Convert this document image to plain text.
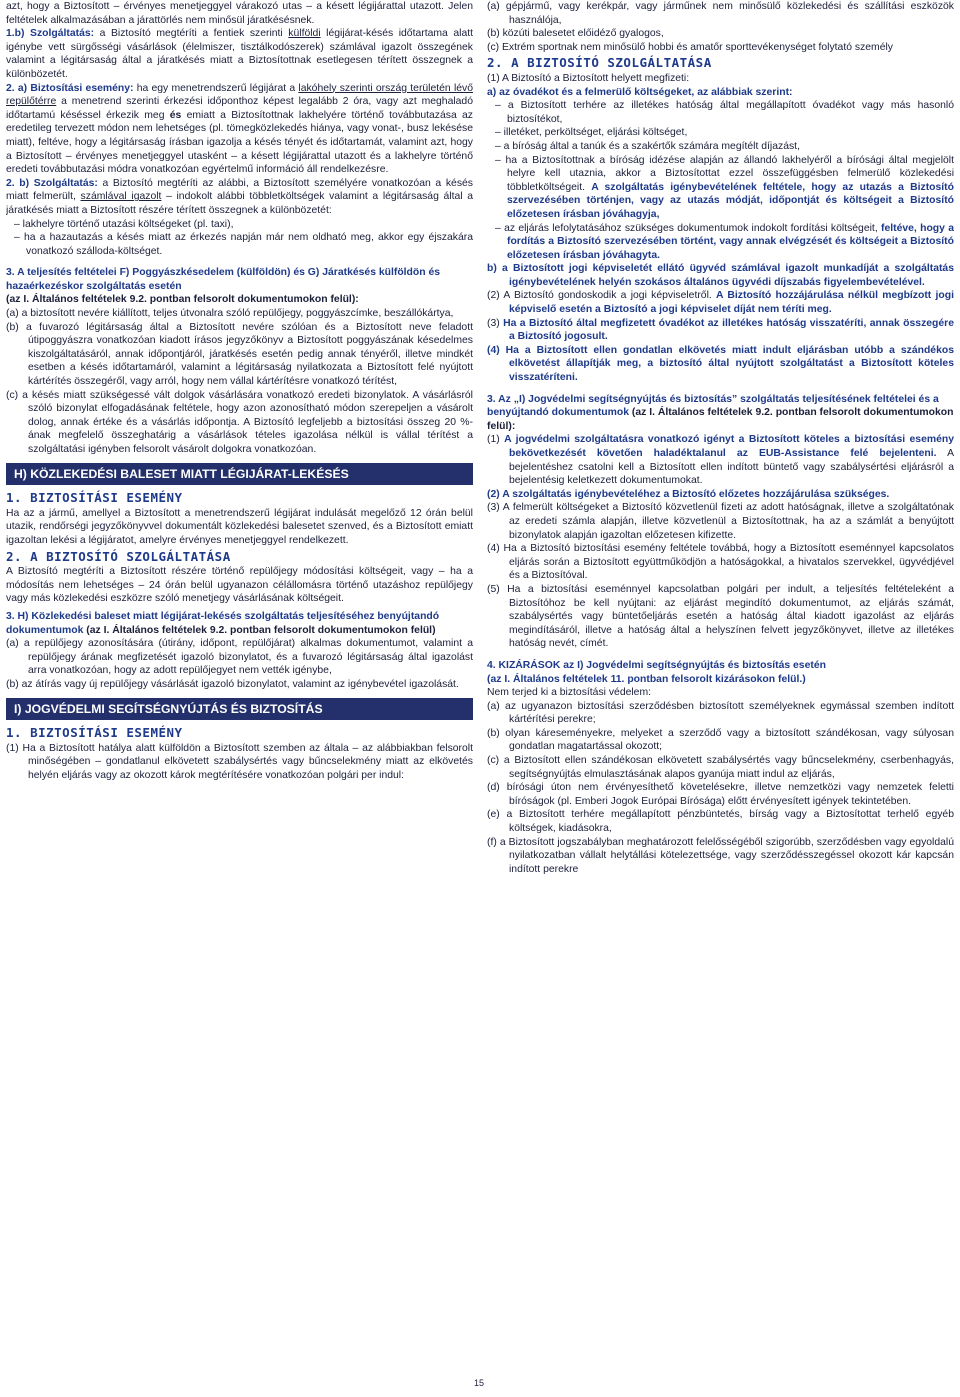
azt, hogy a Biztosított – érvényes menetjeggyel várakozó utas – a késett légijárattal utazott. Jelen feltételek alkalmazásában a járattörlés nem minősül járatkésésnek.

1.b) Szolgáltatás: a Biztosító megtéríti a fentiek szerinti külföldi légijárat-késés időtartama alatt igénybe vett sürgősségi vásárlások (élelmiszer, tisztálkodószerek) számlával igazolt összegének valamint a légitársaság által a járatkésés miatt a Biztosítottnak esetlegesen térített összegnek a különbözetét.

2. a) Biztosítási esemény: ha egy menetrendszerű légijárat a lakóhely szerinti ország területén lévő repülőtérre a menetrend szerinti érkezési időponthoz képest legalább 2 óra, vagy azt meghaladó időtartamú késéssel érkezik meg és emiatt a Biztosítottnak lakhelyére történő továbbutazása az eredetileg tervezett módon nem lehetséges (pl. tömegközlekedés hiánya, vagy vonat-, busz lekésése miatt), feltéve, hogy a légitársaság írásban igazolja a késés tényét és időtartamát, valamint azt, hogy a Biztosított – érvényes menetjeggyel utasként – a késett légijárattal utazott és a lakhelyre történő eredeti továbbutazási módra vonatkozóan egyértelmű információ áll rendelkezésre.

2. b) Szolgáltatás: a Biztosító megtéríti az alábbi, a Biztosított személyére vonatkozóan a késés miatt felmerült, számlával igazolt – indokolt alábbi többletköltségek valamint a légitársaság által a járatkésés miatt a Biztosított részére térített összegnek a különbözetét:

– lakhelyre történő utazási költségeket (pl. taxi),

– ha a hazautazás a késés miatt az érkezés napján már nem oldható meg, akkor egy éjszakára vonatkozó szálloda-költséget.

3. A teljesítés feltételei F) Poggyászkésedelem (külföldön) és G) Járatkésés külföldön és hazaérkezéskor szolgáltatás esetén

(az I. Általános feltételek 9.2. pontban felsorolt dokumentumokon felül):

(a) a biztosított nevére kiállított, teljes útvonalra szóló repülőjegy, poggyászcímke, beszállókártya,

(b) a fuvarozó légitársaság által a Biztosított nevére szólóan és a Biztosított neve feladott útipoggyászra vonatkozóan kiadott írásos jegyzőkönyv a Biztosított poggyászának késedelmes kiszolgáltatásáról, annak időpontjáról, járatkésés esetén pedig annak tényéről, illetve mindkét esetben a késés időtartamáról, valamint a légitársaság nyilatkozata a Biztosított felé nyújtott kártérítés összegéről, vagy arról, hogy nem vállal kártérítésre vonatkozó térítést,

(c) a késés miatt szükségessé vált dolgok vásárlására vonatkozó eredeti bizonylatok. A vásárlásról szóló bizonylat elfogadásának feltétele, hogy azon azonosítható módon szerepeljen a vásárolt dolog, annak értéke és a vásárlás időpontja. A Biztosító legfeljebb a biztosítási összeg 20 %-ának megfelelő összeghatárig a vásárlások tételes igazolása nélkül is vállal térítést a szolgáltatási igényben felsorolt vásárolt dolgokra vonatkozóan.

H) KÖZLEKEDÉSI BALESET MIATT LÉGIJÁRAT-LEKÉSÉS
1. BIZTOSÍTÁSI ESEMÉNY

Ha az a jármű, amellyel a Biztosított a menetrendszerű légijárat indulását megelőző 12 órán belül utazik, rendőrségi jegyzőkönyvvel dokumentált közlekedési balesetet szenved, és a Biztosított emiatt igazoltan lekési a légijáratot, amelyre érvényes menetjeggyel rendelkezett.

2. A BIZTOSÍTÓ SZOLGÁLTATÁSA

A Biztosító megtéríti a Biztosított részére történő repülőjegy módosítási költségeit, vagy – ha a módosítás nem lehetséges – 24 órán belül ugyanazon célállomásra történő utazáshoz repülőjegy vagy más közlekedési eszközre szóló menetjegy vásárlásának költségeit.

3. H) Közlekedési baleset miatt légijárat-lekésés szolgáltatás teljesítéséhez benyújtandó dokumentumok (az I. Általános feltételek 9.2. pontban felsorolt dokumentumokon felül)

(a) a repülőjegy azonosítására (útirány, időpont, repülőjárat) alkalmas dokumentumot, valamint a repülőjegy árának megfizetését igazoló bizonylatot, és a fuvarozó légitársaság által igazolást arra vonatkozóan, hogy az adott repülőjegyet nem vették igénybe,

(b) az átírás vagy új repülőjegy vásárlását igazoló bizonylatot, valamint az igénybevétel igazolását.

I) JOGVÉDELMI SEGÍTSÉGNYÚJTÁS ÉS BIZTOSÍTÁS
1. BIZTOSÍTÁSI ESEMÉNY

(1) Ha a Biztosított hatálya alatt külföldön a Biztosított szemben az általa – az alábbiakban felsorolt minőségében – gondatlanul elkövetett szabálysértés vagy bűncselekmény miatt az elkövetés helyén eljárás vagy az okozott károk megtérítésére vonatkozóan polgári per indul:

(a) gépjármű, vagy kerékpár, vagy járműnek nem minősülő közlekedési és szállítási eszközök használója,

(b) közúti balesetet előidéző gyalogos,

(c) Extrém sportnak nem minősülő hobbi és amatőr sporttevékenységet folytató személy

2. A BIZTOSÍTÓ SZOLGÁLTATÁSA

(1) A Biztosító a Biztosított helyett megfizeti:

a) az óvadékot és a felmerülő költségeket, az alábbiak szerint:

– a Biztosított terhére az illetékes hatóság által megállapított óvadékot vagy más hasonló biztosítékot,

– illetéket, perköltséget, eljárási költséget,

– a bíróság által a tanúk és a szakértők számára megítélt díjazást,

– ha a Biztosítottnak a bíróság idézése alapján az állandó lakhelyéről a bírósági által megjelölt helyre kell utaznia, akkor a Biztosítottat ezzel összefüggésben felmerülő közlekedési többletköltségeit. A szolgáltatás igénybevételének feltétele, hogy az utazás a Biztosító szervezésében történjen, vagy az utazás módját, időpontját és költségeit a Biztosító előzetesen írásban jóváhagyja,

– az eljárás lefolytatásához szükséges dokumentumok indokolt fordítási költségeit, feltéve, hogy a fordítás a Biztosító szervezésében történt, vagy annak elvégzését és költségeit a Biztosító előzetesen írásban jóváhagyta.

b) a Biztosított jogi képviseletét ellátó ügyvéd számlával igazolt munkadíját a szolgáltatás igénybevételének helyén szokásos általános ügyvédi díjszabás figyelembevételével.

(2) A Biztosító gondoskodik a jogi képviseletről. A Biztosító hozzájárulása nélkül megbízott jogi képviselő esetén a Biztosító a jogi képviselet díját nem téríti meg.

(3) Ha a Biztosító által megfizetett óvadékot az illetékes hatóság visszatéríti, annak összegére a Biztosító jogosult.

(4) Ha a Biztosított ellen gondatlan elkövetés miatt indult eljárásban utóbb a szándékos elkövetést állapítják meg, a biztosító által nyújtott szolgáltatást a Biztosított köteles visszatéríteni.

3. Az „I) Jogvédelmi segítségnyújtás és biztosítás” szolgáltatás teljesítésének feltételei és a benyújtandó dokumentumok (az I. Általános feltételek 9.2. pontban felsorolt dokumentumokon felül):

(1) A jogvédelmi szolgáltatásra vonatkozó igényt a Biztosított köteles a biztosítási esemény bekövetkezését követően haladéktalanul az EUB-Assistance felé bejelenteni. A bejelentéshez csatolni kell a Biztosított ellen indított büntető vagy szabálysértési eljárásról a bejelentésig keletkezett dokumentumokat.

(2) A szolgáltatás igénybevételéhez a Biztosító előzetes hozzájárulása szükséges.

(3) A felmerült költségeket a Biztosító közvetlenül fizeti az adott hatóságnak, illetve a szolgáltatónak az eredeti számla alapján, illetve közvetlenül a Biztosítottnak, ha az a számlát a benyújtott bizonylatok alapján igazoltan előzetesen kifizette.

(4) Ha a Biztosító biztosítási esemény feltétele továbbá, hogy a Biztosított eseménnyel kapcsolatos eljárás során a Biztosított együttműködjön a hatóságokkal, a hivatalos szervekkel, ügyvédjével és a Biztosítóval.

(5) Ha a biztosítási eseménnyel kapcsolatban polgári per indult, a teljesítés feltételeként a Biztosítóhoz be kell nyújtani: az eljárást megindító dokumentumot, az eljárás számát, szabálysértés vagy büntetőeljárás esetén a hatóság által kiadott igazolást az eljárás megindításáról, illetve a hatóság által a helyszínen felvett jegyzőkönyvet, illetve az illetékes hatóság nevét, címét.

4. KIZÁRÁSOK az I) Jogvédelmi segítségnyújtás és biztosítás esetén

(az I. Általános feltételek 11. pontban felsorolt kizárásokon felül.)

Nem terjed ki a biztosítási védelem:

(a) az ugyanazon biztosítási szerződésben biztosított személyeknek egymással szemben indított kártérítési perekre;

(b) olyan káreseményekre, melyeket a szerződő vagy a biztosított szándékosan, vagy súlyosan gondatlan magatartással okozott;

(c) a Biztosított ellen szándékosan elkövetett szabálysértés vagy bűncselekmény, cserbenhagyás, segítségnyújtás elmulasztásának alapos gyanúja miatt indul az eljárás,

(d) bírósági úton nem érvényesíthető követelésekre, illetve nemzetközi vagy nemzetek feletti bíróságok (pl. Emberi Jogok Európai Bírósága) előtt érvényesített igények tekintetében.

(e) a Biztosított terhére megállapított pénzbüntetés, bírság vagy a Biztosítottat terhelő egyéb költségek, kiadásokra,

(f) a Biztosított jogszabályban meghatározott felelősségéből szigorúbb, szerződésben vagy egyoldalú nyilatkozatban vállalt helytállási kötelezettsége, vagy szerződésszegéssel okozott kár kapcsán indított perekre

15
